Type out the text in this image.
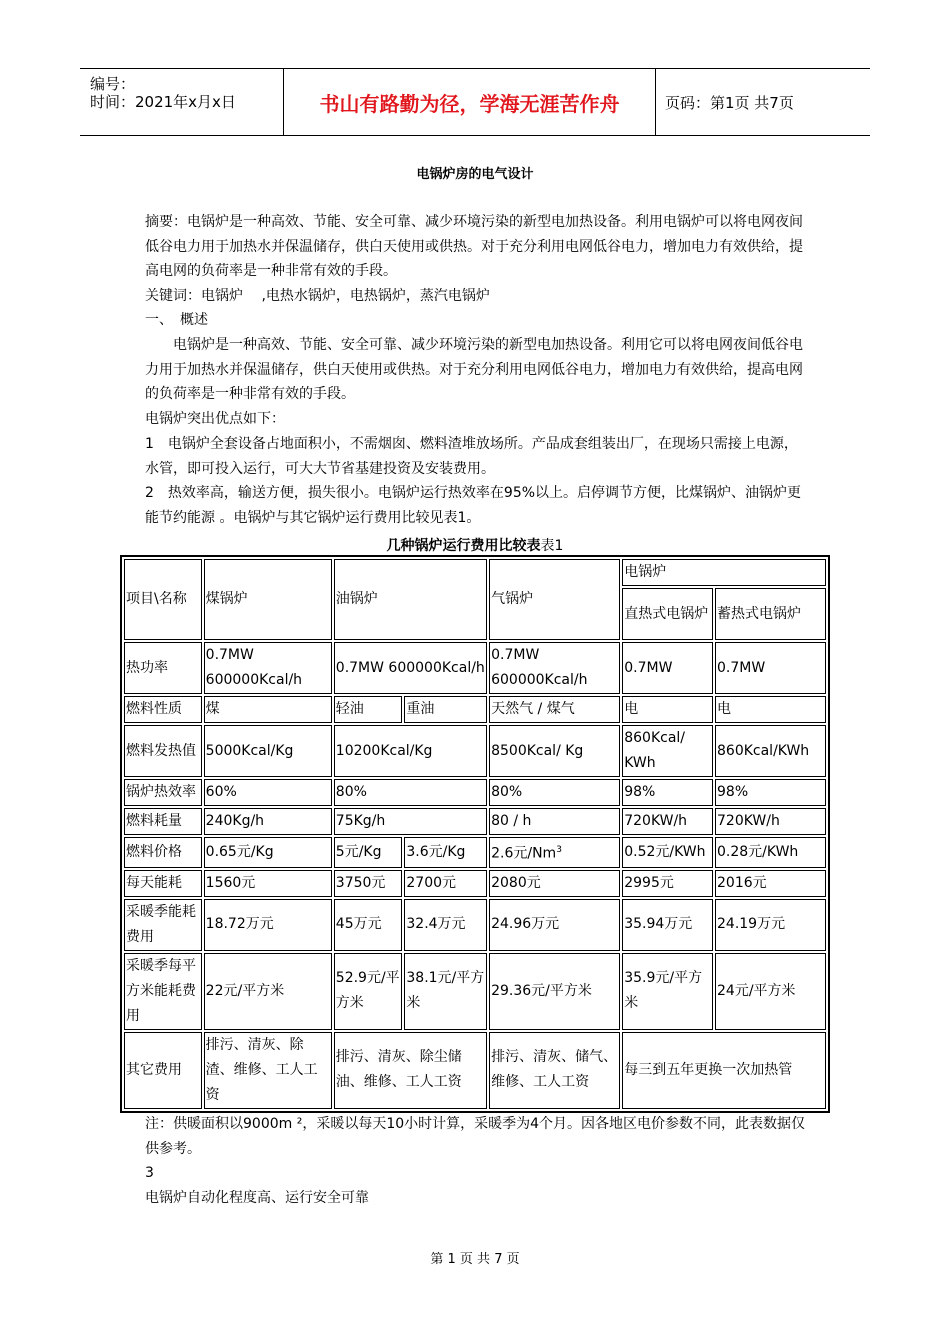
编号：
时间：2021年x月x日	书山有路勤为径，学海无涯苦作舟	页码：第1页 共7页
电锅炉房的电气设计
摘要：电锅炉是一种高效、节能、安全可靠、减少环境污染的新型电加热设备。利用电锅炉可以将电网夜间低谷电力用于加热水并保温储存，供白天使用或供热。对于充分利用电网低谷电力，增加电力有效供给，提高电网的负荷率是一种非常有效的手段。
关键词：电锅炉　 ,电热水锅炉，电热锅炉，蒸汽电锅炉
一、　概述
电锅炉是一种高效、节能、安全可靠、减少环境污染的新型电加热设备。利用它可以将电网夜间低谷电力用于加热水并保温储存，供白天使用或供热。对于充分利用电网低谷电力，增加电力有效供给，提高电网的负荷率是一种非常有效的手段。
电锅炉突出优点如下：
1　电锅炉全套设备占地面积小，不需烟囱、燃料渣堆放场所。产品成套组装出厂，在现场只需接上电源，水管，即可投入运行，可大大节省基建投资及安装费用。
2　热效率高，输送方便，损失很小。电锅炉运行热效率在95%以上。启停调节方便，比煤锅炉、油锅炉更能节约能源 。电锅炉与其它锅炉运行费用比较见表1。
几种锅炉运行费用比较表表1
项目\名称	煤锅炉	油锅炉		气锅炉	电锅炉	
					直热式电锅炉	蓄热式电锅炉
热功率	0.7MW 600000Kcal/h	0.7MW 600000Kcal/h		0.7MW 600000Kcal/h	0.7MW	0.7MW
燃料性质	煤	轻油	重油	天然气 / 煤气	电	电
燃料发热值	5000Kcal/Kg	10200Kcal/Kg		8500Kcal/ Kg	860Kcal/ KWh	860Kcal/KWh
锅炉热效率	60%	80%		80%	98%	98%
燃料耗量	240Kg/h	75Kg/h		80 / h	720KW/h	720KW/h
燃料价格	0.65元/Kg	5元/Kg	3.6元/Kg	2.6元/Nm$^3$	0.52元/KWh	0.28元/KWh
每天能耗	1560元	3750元	2700元	2080元	2995元	2016元
采暖季能耗费用	18.72万元	45万元	32.4万元	24.96万元	35.94万元	24.19万元
采暖季每平方米能耗费用	22元/平方米	52.9元/平方米	38.1元/平方米	29.36元/平方米	35.9元/平方米	24元/平方米
其它费用	排污、清灰、除渣、维修、工人工资	排污、清灰、除尘储油、维修、工人工资		排污、清灰、储气、维修、工人工资	每三到五年更换一次加热管	
注：供暖面积以9000m ²，采暖以每天10小时计算，采暖季为4个月。因各地区电价参数不同，此表数据仅供参考。
3
电锅炉自动化程度高、运行安全可靠
第 1 页 共 7 页
